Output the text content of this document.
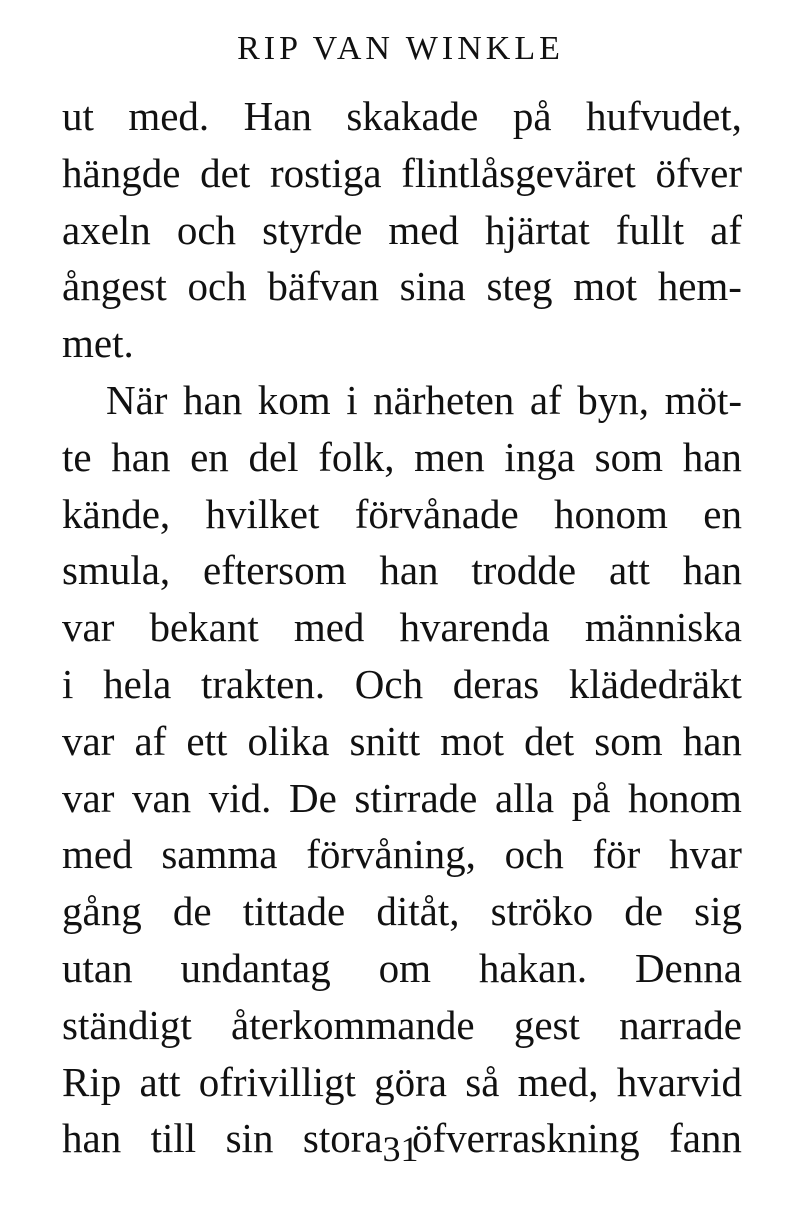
RIP VAN WINKLE
ut med. Han skakade på hufvudet,
hängde det rostiga flintlåsgeväret öfver
axeln och styrde med hjärtat fullt af
ångest och bäfvan sina steg mot hem-
met.
När han kom i närheten af byn, möt-
te han en del folk, men inga som han
kände, hvilket förvånade honom en
smula, eftersom han trodde att han
var bekant med hvarenda människa
i hela trakten. Och deras klädedräkt
var af ett olika snitt mot det som han
var van vid. De stirrade alla på honom
med samma förvåning, och för hvar
gång de tittade ditåt, ströko de sig
utan undantag om hakan. Denna
ständigt återkommande gest narrade
Rip att ofrivilligt göra så med, hvarvid
han till sin stora öfverraskning fann
31
